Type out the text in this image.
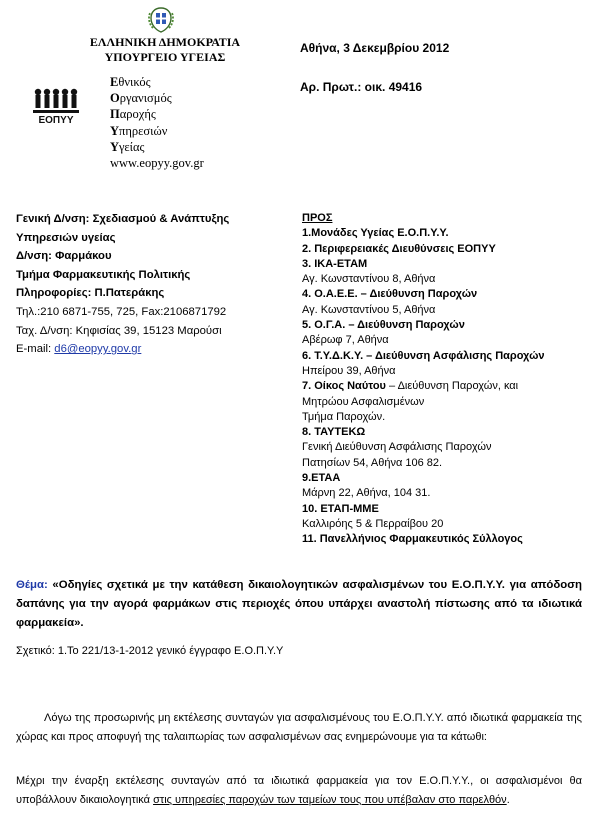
ΕΛΛΗΝΙΚΗ ΔΗΜΟΚΡΑΤΙΑ
ΥΠΟΥΡΓΕΙΟ ΥΓΕΙΑΣ
Αθήνα, 3 Δεκεμβρίου 2012
Αρ. Πρωτ.: οικ. 49416
ΕΟΠΥΥ
Εθνικός
Οργανισμός
Παροχής
Υπηρεσιών
Υγείας
www.eopyy.gov.gr
Γενική Δ/νση: Σχεδιασμού & Ανάπτυξης
Υπηρεσιών υγείας
Δ/νση: Φαρμάκου
Τμήμα Φαρμακευτικής Πολιτικής
Πληροφορίες: Π.Πατεράκης
Τηλ.:210 6871-755, 725, Fax:2106871792
Ταχ. Δ/νση: Κηφισίας 39, 15123 Μαρούσι
E-mail: d6@eopyy.gov.gr
ΠΡΟΣ
1.Μονάδες Υγείας Ε.Ο.Π.Υ.Υ.
2. Περιφερειακές Διευθύνσεις ΕΟΠΥΥ
3. ΙΚΑ-ΕΤΑΜ
Αγ. Κωνσταντίνου 8, Αθήνα
4. Ο.Α.Ε.Ε. – Διεύθυνση Παροχών
Αγ. Κωνσταντίνου 5, Αθήνα
5. Ο.Γ.Α. – Διεύθυνση Παροχών
Αβέρωφ 7, Αθήνα
6. Τ.Υ.Δ.Κ.Υ. – Διεύθυνση Ασφάλισης Παροχών
Ηπείρου 39, Αθήνα
7. Οίκος Ναύτου – Διεύθυνση Παροχών, και
Μητρώου Ασφαλισμένων
Τμήμα Παροχών.
8. ΤΑΥΤΕΚΩ
Γενική Διεύθυνση Ασφάλισης Παροχών
Πατησίων 54, Αθήνα 106 82.
9.ΕΤΑΑ
Μάρνη 22, Αθήνα, 104 31.
10. ΕΤΑΠ-ΜΜΕ
Καλλιρόης 5 & Περραίβου 20
11. Πανελλήνιος Φαρμακευτικός Σύλλογος
Θέμα: «Οδηγίες σχετικά με την κατάθεση δικαιολογητικών ασφαλισμένων του Ε.Ο.Π.Υ.Υ. για απόδοση δαπάνης για την αγορά φαρμάκων στις περιοχές όπου υπάρχει αναστολή πίστωσης από τα ιδιωτικά φαρμακεία».
Σχετικό: 1.Το 221/13-1-2012 γενικό έγγραφο Ε.Ο.Π.Υ.Υ
Λόγω της προσωρινής μη εκτέλεσης συνταγών για ασφαλισμένους του Ε.Ο.Π.Υ.Υ. από ιδιωτικά φαρμακεία της χώρας και προς αποφυγή της ταλαιπωρίας των ασφαλισμένων σας ενημερώνουμε για τα κάτωθι:
Μέχρι την έναρξη εκτέλεσης συνταγών από τα ιδιωτικά φαρμακεία για τον Ε.Ο.Π.Υ.Υ., οι ασφαλισμένοι θα υποβάλλουν δικαιολογητικά στις υπηρεσίες παροχών των ταμείων τους που υπέβαλαν στο παρελθόν.
